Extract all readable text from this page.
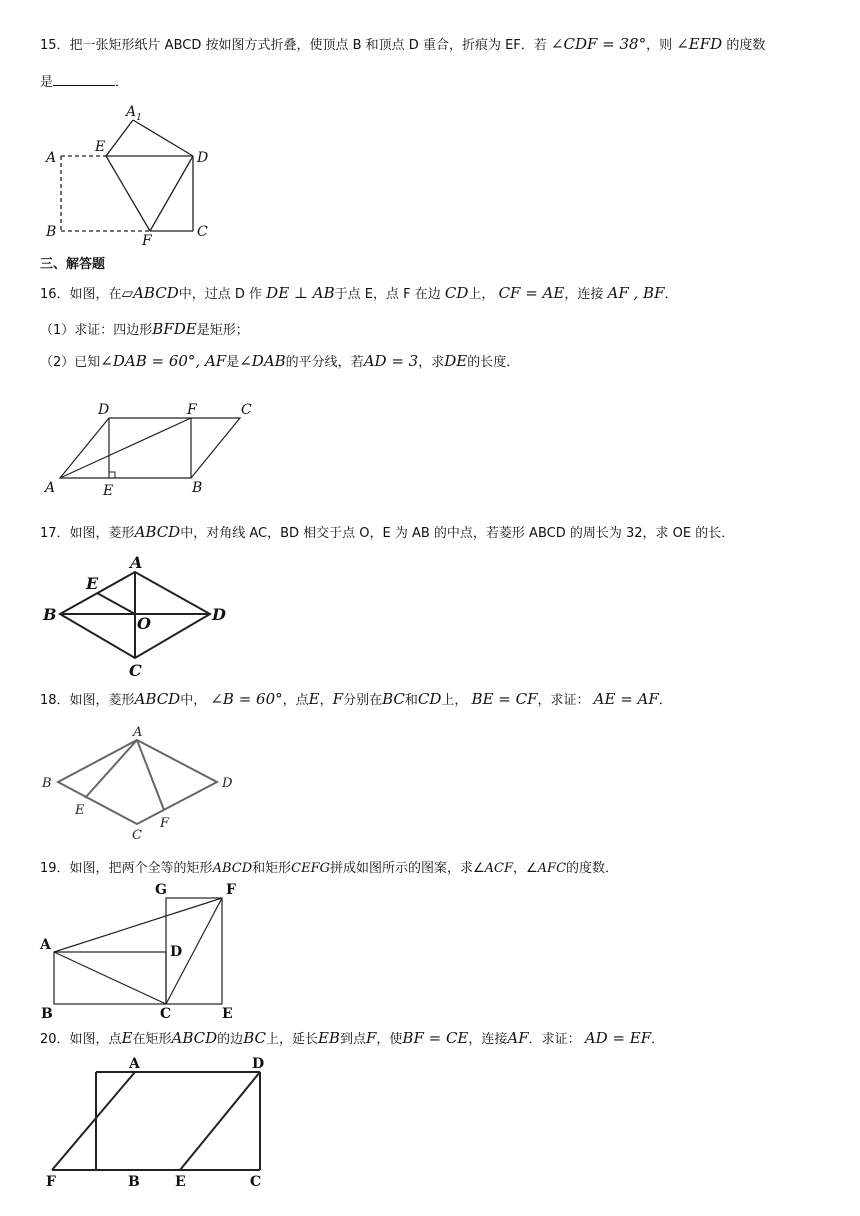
15．把一张矩形纸片 ABCD 按如图方式折叠，使顶点 B 和顶点 D 重合，折痕为 EF．若 ∠CDF = 38°，则 ∠EFD 的度数
是	．
A
$A_1$
E
D
B
F
C
三、解答题
16．如图，在▱ABCD中，过点 D 作 DE ⊥ AB于点 E，点 F 在边 CD上， CF = AE，连接 AF , BF．
（1）求证：四边形BFDE是矩形；
（2）已知∠DAB = 60°, AF是∠DAB的平分线，若AD = 3，求DE的长度．
D	F	C
A	E	B
17．如图，菱形ABCD中，对角线 AC，BD 相交于点 O，E 为 AB 的中点，若菱形 ABCD 的周长为 32，求 OE 的长．
A
E
B	O	D
C
18．如图，菱形ABCD中， ∠B = 60°，点E，F分别在BC和CD上， BE = CF，求证： AE = AF．
A
B	D
E
C
F
19．如图，把两个全等的矩形ABCD和矩形CEFG拼成如图所示的图案，求∠ACF，∠AFC的度数．
G	F
A	D
B	C	E
20．如图，点E在矩形ABCD的边BC上，延长EB到点F，使BF = CE，连接AF．求证： AD = EF．
A	D
F	B	E	C
